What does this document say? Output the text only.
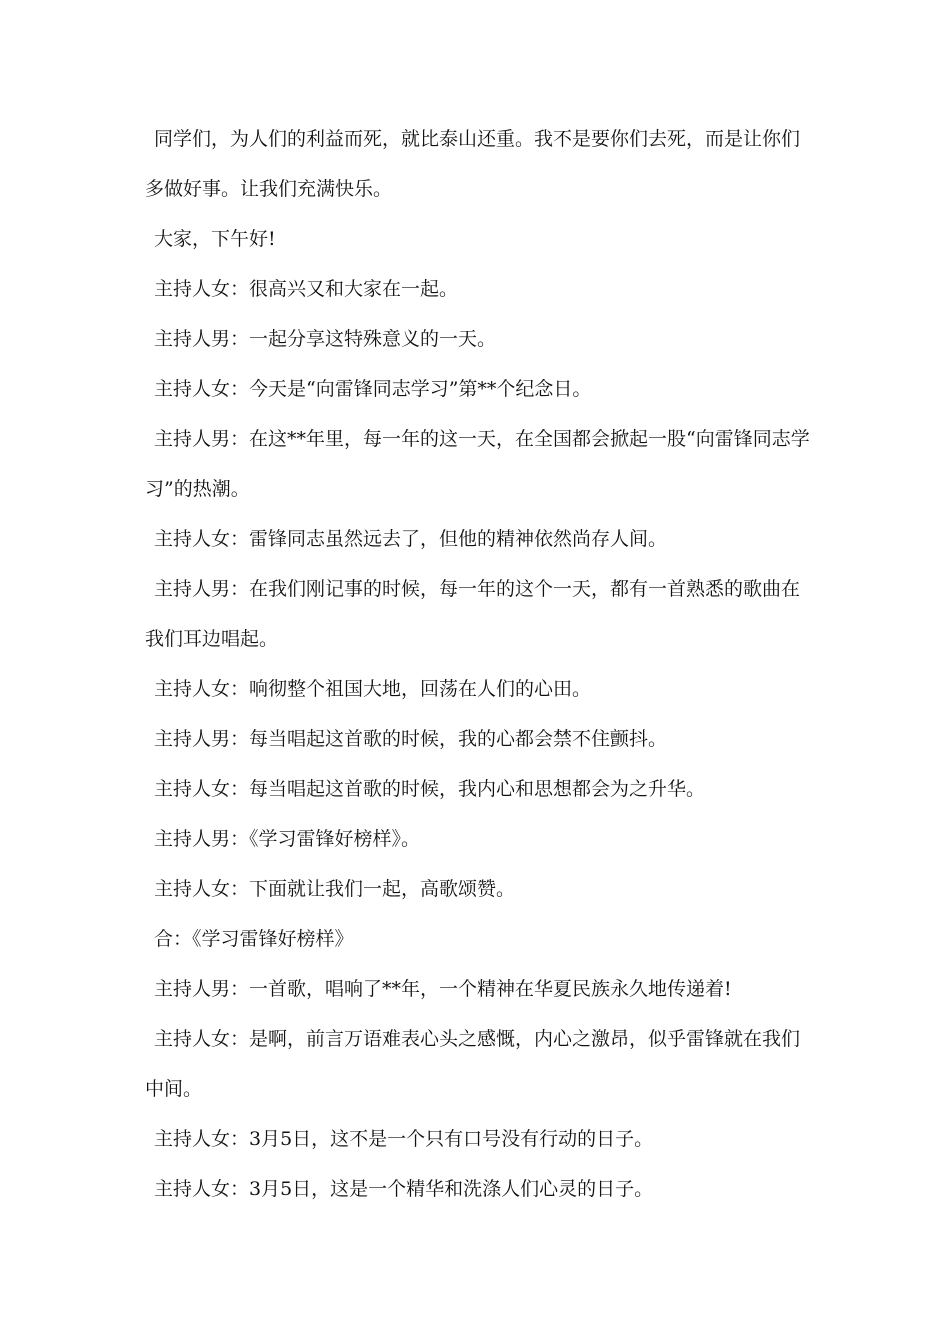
同学们，为人们的利益而死，就比泰山还重。我不是要你们去死，而是让你们多做好事。让我们充满快乐。

大家，下午好!

主持人女：很高兴又和大家在一起。

主持人男：一起分享这特殊意义的一天。

主持人女：今天是“向雷锋同志学习”第**个纪念日。

主持人男：在这**年里，每一年的这一天，在全国都会掀起一股“向雷锋同志学习”的热潮。

主持人女：雷锋同志虽然远去了，但他的精神依然尚存人间。

主持人男：在我们刚记事的时候，每一年的这个一天，都有一首熟悉的歌曲在我们耳边唱起。

主持人女：响彻整个祖国大地，回荡在人们的心田。

主持人男：每当唱起这首歌的时候，我的心都会禁不住颤抖。

主持人女：每当唱起这首歌的时候，我内心和思想都会为之升华。

主持人男：《学习雷锋好榜样》。

主持人女：下面就让我们一起，高歌颂赞。

合：《学习雷锋好榜样》

主持人男：一首歌，唱响了**年，一个精神在华夏民族永久地传递着!

主持人女：是啊，前言万语难表心头之感慨，内心之激昂，似乎雷锋就在我们中间。

主持人女：3月5日，这不是一个只有口号没有行动的日子。

主持人女：3月5日，这是一个精华和洗涤人们心灵的日子。
